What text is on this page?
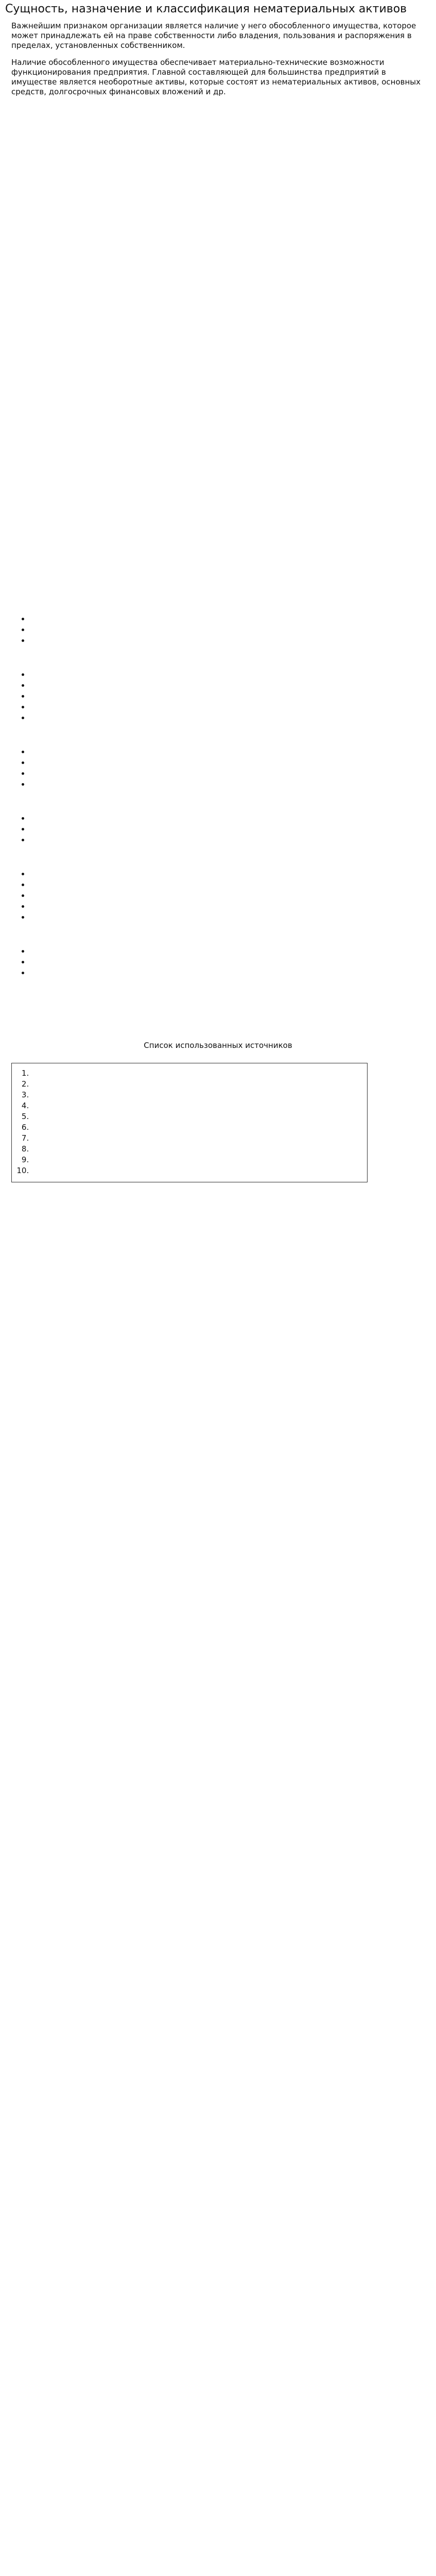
Сущность, назначение и классификация нематериальных активов

Важнейшим признаком организации является наличие у него обособленного имущества, которое может принадлежать ей на праве собственности либо владения, пользования и распоряжения в пределах, установленных собственником.

Наличие обособленного имущества обеспечивает материально-технические возможности функционирования предприятия. Главной составляющей для большинства предприятий в имуществе является необоротные активы, которые состоят из нематериальных активов, основных средств, долгосрочных финансовых вложений и др.

•
•
•

•
•
•
•
•

•
•
•
•

•
•
•

•
•
•
•
•

•
•
•

Список использованных источников

1.
2.
3.
4.
5.
6.
7.
8.
9.
10.
